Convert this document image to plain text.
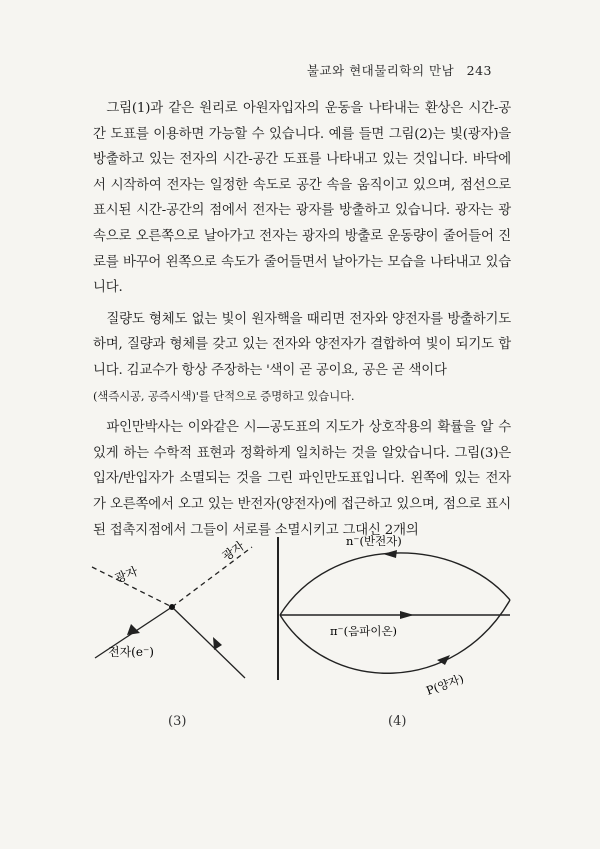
불교와 현대물리학의 만남 243

그림(1)과 같은 원리로 아원자입자의 운동을 나타내는 환상은 시간-공간 도표를 이용하면 가능할 수 있습니다. 예를 들면 그림(2)는 빛(광자)을 방출하고 있는 전자의 시간-공간 도표를 나타내고 있는 것입니다. 바닥에서 시작하여 전자는 일정한 속도로 공간 속을 움직이고 있으며, 점선으로 표시된 시간-공간의 점에서 전자는 광자를 방출하고 있습니다. 광자는 광속으로 오른쪽으로 날아가고 전자는 광자의 방출로 운동량이 줄어들어 진로를 바꾸어 왼쪽으로 속도가 줄어들면서 날아가는 모습을 나타내고 있습니다.

질량도 형체도 없는 빛이 원자핵을 때리면 전자와 양전자를 방출하기도 하며, 질량과 형체를 갖고 있는 전자와 양전자가 결합하여 빛이 되기도 합니다. 김교수가 항상 주장하는 '색이 곧 공이요, 공은 곧 색이다

(색즉시공, 공즉시색)'를 단적으로 증명하고 있습니다.

파인만박사는 이와같은 시—공도표의 지도가 상호작용의 확률을 알 수 있게 하는 수학적 표현과 정확하게 일치하는 것을 알았습니다. 그림(3)은 입자/반입자가 소멸되는 것을 그린 파인만도표입니다. 왼쪽에 있는 전자가 오른쪽에서 오고 있는 반전자(양전자)에 접근하고 있으며, 점으로 표시된 접촉지점에서 그들이 서로를 소멸시키고 그대신 2개의

광자
광자
전자(e⁻)
n⁻(반전자)
π⁻(음파이온)
P(양자)
(3)	(4)
